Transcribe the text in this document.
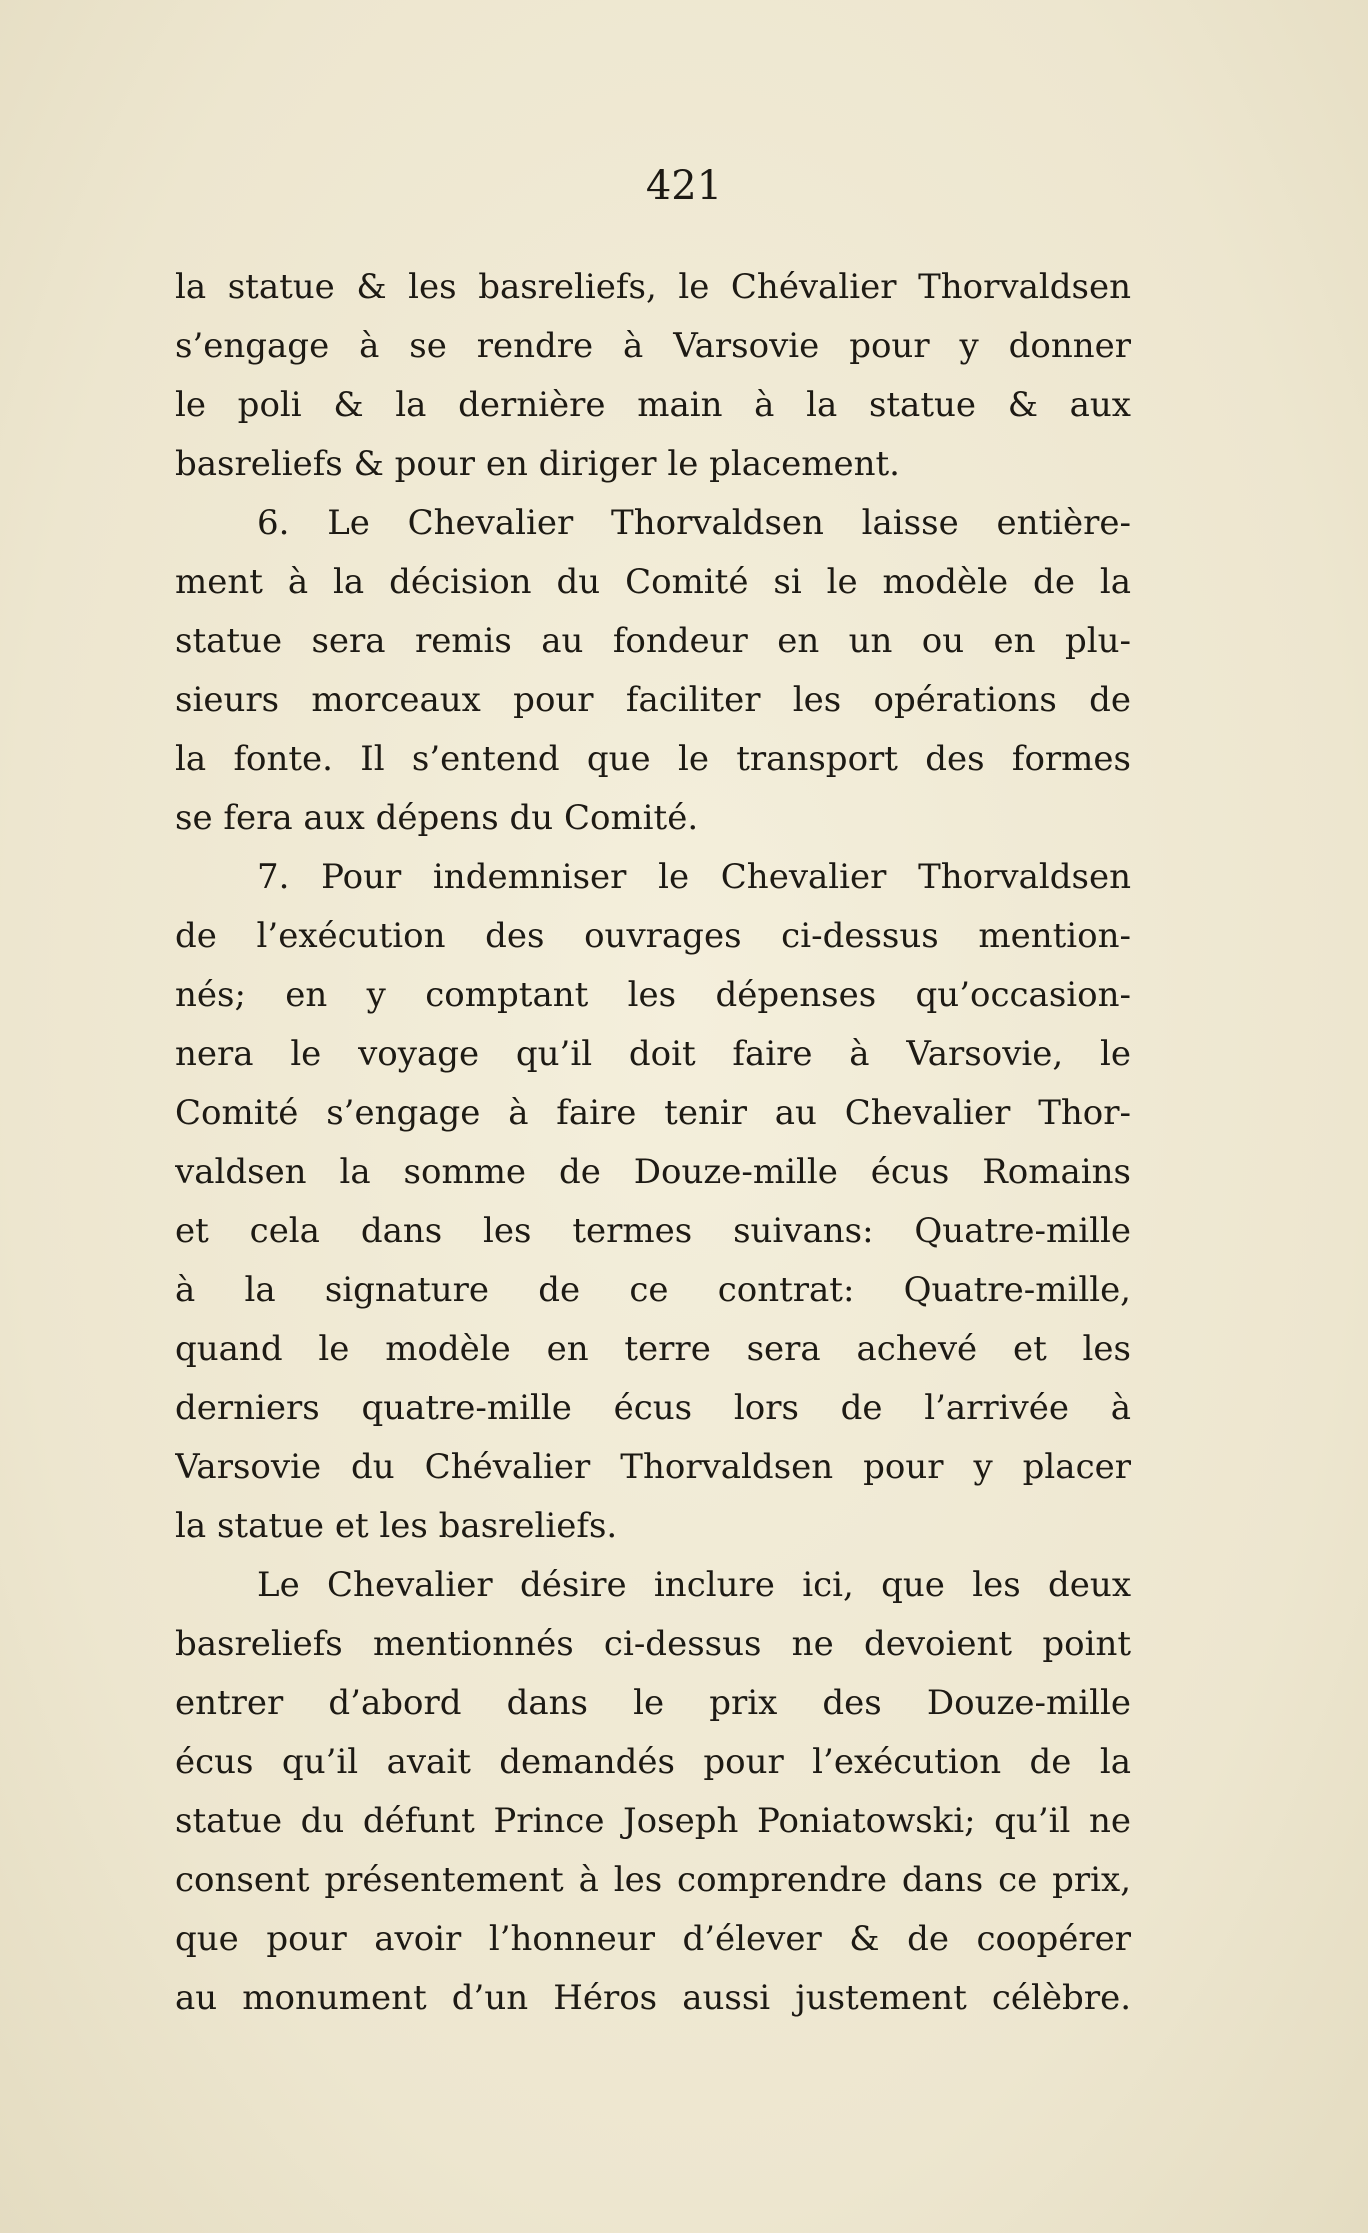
421
la statue & les basreliefs, le Chévalier Thorvaldsen
s’engage à se rendre à Varsovie pour y donner
le poli & la dernière main à la statue & aux
basreliefs & pour en diriger le placement.
6. Le Chevalier Thorvaldsen laisse entière-
ment à la décision du Comité si le modèle de la
statue sera remis au fondeur en un ou en plu-
sieurs morceaux pour faciliter les opérations de
la fonte. Il s’entend que le transport des formes
se fera aux dépens du Comité.
7. Pour indemniser le Chevalier Thorvaldsen
de l’exécution des ouvrages ci-dessus mention-
nés; en y comptant les dépenses qu’occasion-
nera le voyage qu’il doit faire à Varsovie, le
Comité s’engage à faire tenir au Chevalier Thor-
valdsen la somme de Douze-mille écus Romains
et cela dans les termes suivans: Quatre-mille
à la signature de ce contrat: Quatre-mille,
quand le modèle en terre sera achevé et les
derniers quatre-mille écus lors de l’arrivée à
Varsovie du Chévalier Thorvaldsen pour y placer
la statue et les basreliefs.
Le Chevalier désire inclure ici, que les deux
basreliefs mentionnés ci-dessus ne devoient point
entrer d’abord dans le prix des Douze-mille
écus qu’il avait demandés pour l’exécution de la
statue du défunt Prince Joseph Poniatowski; qu’il ne
consent présentement à les comprendre dans ce prix,
que pour avoir l’honneur d’élever & de coopérer
au monument d’un Héros aussi justement célèbre.
